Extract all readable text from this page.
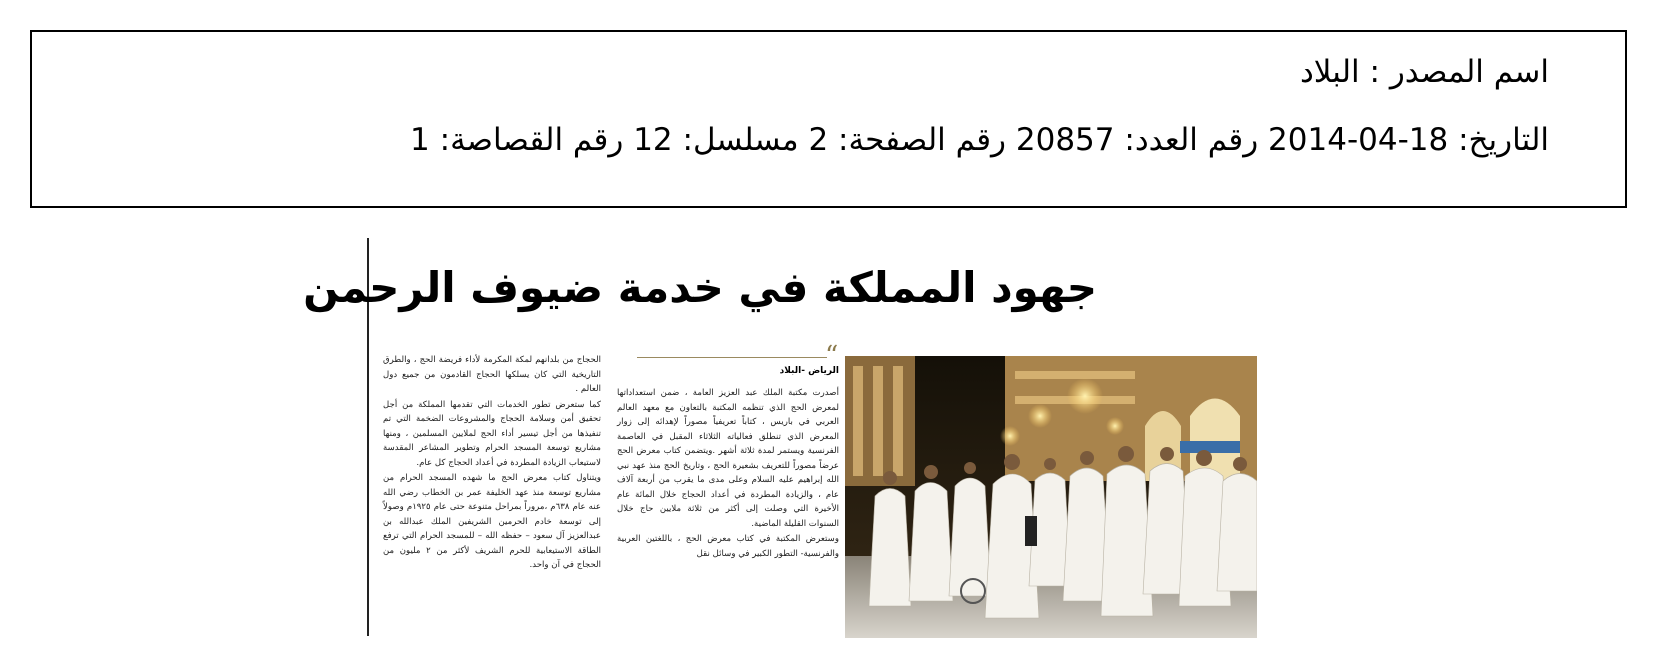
اسم المصدر : البلاد
التاريخ: 18-04-2014 رقم العدد: 20857 رقم الصفحة: 2 مسلسل: 12 رقم القصاصة: 1
جهود المملكة في خدمة ضيوف الرحمن
“
الرياض -البلاد

أصدرت مكتبة الملك عبد العزيز العامة ، ضمن استعداداتها لمعرض الحج الذي تنظمه المكتبة بالتعاون مع معهد العالم العربي في باريس ، كتاباً تعريفياً مصوراً لإهدائه إلى زوار المعرض الذي تنطلق فعالياته الثلاثاء المقبل في العاصمة الفرنسية ويستمر لمدة ثلاثة أشهر .ويتضمن كتاب معرض الحج عرضاً مصوراً للتعريف بشعيرة الحج ، وتاريخ الحج منذ عهد نبي الله إبراهيم عليه السلام وعلى مدى ما يقرب من أربعة آلاف عام ، والزيادة المطردة في أعداد الحجاج خلال المائة عام الأخيرة التي وصلت إلى أكثر من ثلاثة ملايين حاج خلال السنوات القليلة الماضية.

وستعرض المكتبة في كتاب معرض الحج ، باللغتين العربية والفرنسية- التطور الكبير في وسائل نقل

الحجاج من بلدانهم لمكة المكرمة لأداء فريضة الحج ، والطرق التاريخية التي كان يسلكها الحجاج القادمون من جميع دول العالم .

كما ستعرض تطور الخدمات التي تقدمها المملكة من أجل تحقيق أمن وسلامة الحجاج والمشروعات الضخمة التي تم تنفيذها من أجل تيسير أداء الحج لملايين المسلمين ، ومنها مشاريع توسعة المسجد الحرام وتطوير المشاعر المقدسة لاستيعاب الزيادة المطردة في أعداد الحجاج كل عام.

ويتناول كتاب معرض الحج ما شهده المسجد الحرام من مشاريع توسعة منذ عهد الخليفة عمر بن الخطاب رضي الله عنه عام ٦٣٨م ،مروراً بمراحل متنوعة حتى عام ١٩٢٥م وصولاً إلى توسعة خادم الحرمين الشريفين الملك عبدالله بن عبدالعزيز آل سعود – حفظه الله – للمسجد الحرام التي ترفع الطاقة الاستيعابية للحرم الشريف لأكثر من ٢ مليون من الحجاج في آن واحد.
